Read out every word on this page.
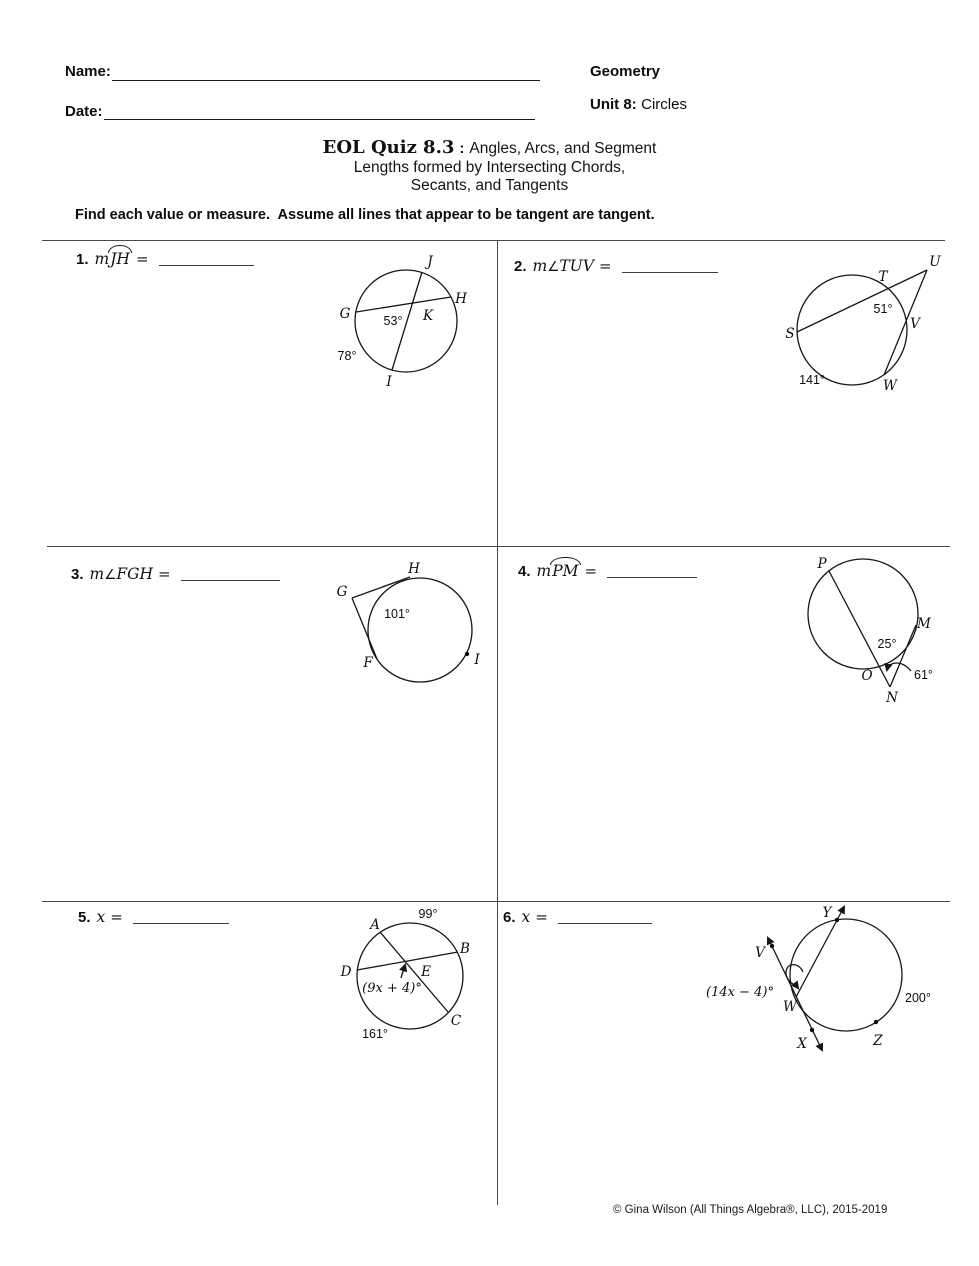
Name:	Geometry
Date:	Unit 8: Circles
EOL Quiz 8.3 : Angles, Arcs, and Segment
Lengths formed by Intersecting Chords,
Secants, and Tangents
Find each value or measure.  Assume all lines that appear to be tangent are tangent.
1. mJH =	J
H
G	K
53°
78°
I
2. m∠TUV =	U
T
51°
V
S
W
141°
3. m∠FGH =
G
H
101°
F	I
4. mPM =	P
M
25°
O	61°
N
5. x =	99°
A
B
D	E
(9x + 4)°
C
161°
6. x =	Y
V
(14x − 4)°
W
X	Z
200°
© Gina Wilson (All Things Algebra®, LLC), 2015-2019
